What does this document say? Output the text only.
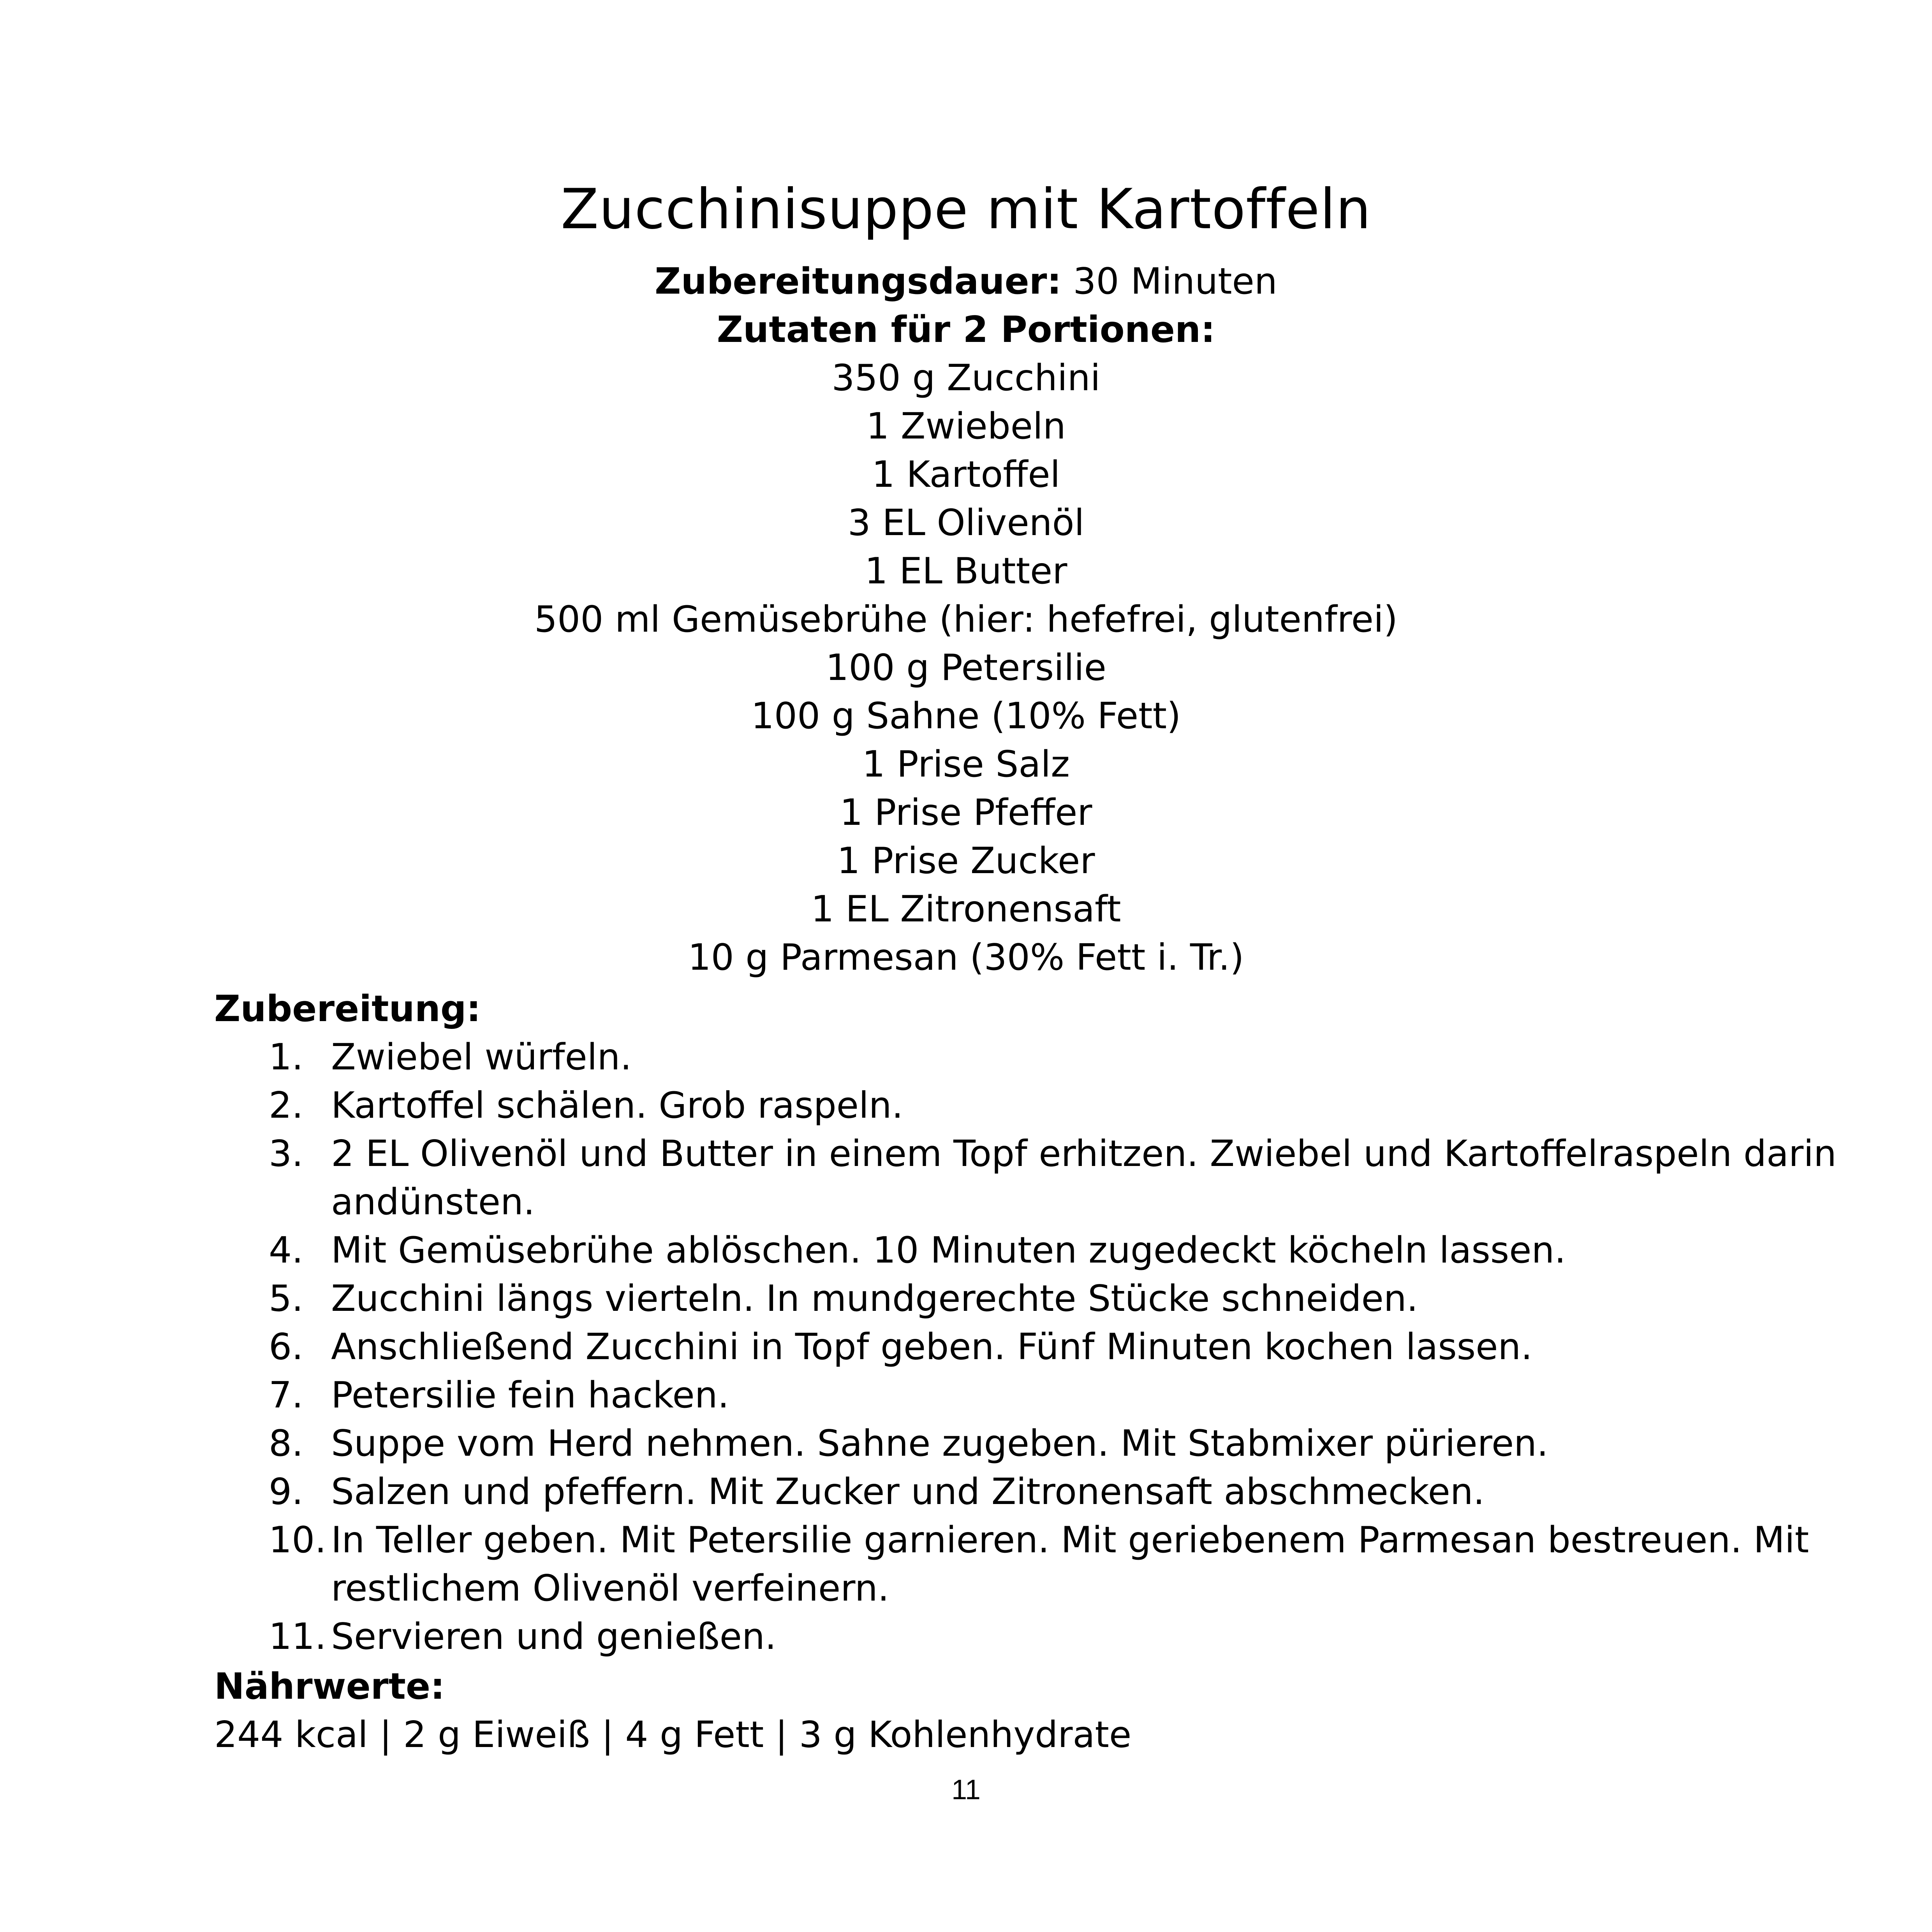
Zucchinisuppe mit Kartoffeln
Zubereitungsdauer: 30 Minuten
Zutaten für 2 Portionen:
350 g Zucchini
1 Zwiebeln
1 Kartoffel
3 EL Olivenöl
1 EL Butter
500 ml Gemüsebrühe (hier: hefefrei, glutenfrei)
100 g Petersilie
100 g Sahne (10% Fett)
1 Prise Salz
1 Prise Pfeffer
1 Prise Zucker
1 EL Zitronensaft
10 g Parmesan (30% Fett i. Tr.)
Zubereitung:
1. Zwiebel würfeln.
2. Kartoffel schälen. Grob raspeln.
3. 2 EL Olivenöl und Butter in einem Topf erhitzen. Zwiebel und Kartoffelraspeln darin andünsten.
4. Mit Gemüsebrühe ablöschen. 10 Minuten zugedeckt köcheln lassen.
5. Zucchini längs vierteln. In mundgerechte Stücke schneiden.
6. Anschließend Zucchini in Topf geben. Fünf Minuten kochen lassen.
7. Petersilie fein hacken.
8. Suppe vom Herd nehmen. Sahne zugeben. Mit Stabmixer pürieren.
9. Salzen und pfeffern. Mit Zucker und Zitronensaft abschmecken.
10. In Teller geben. Mit Petersilie garnieren. Mit geriebenem Parmesan bestreuen. Mit restlichem Olivenöl verfeinern.
11. Servieren und genießen.
Nährwerte:
244 kcal | 2 g Eiweiß | 4 g Fett | 3 g Kohlenhydrate
11
